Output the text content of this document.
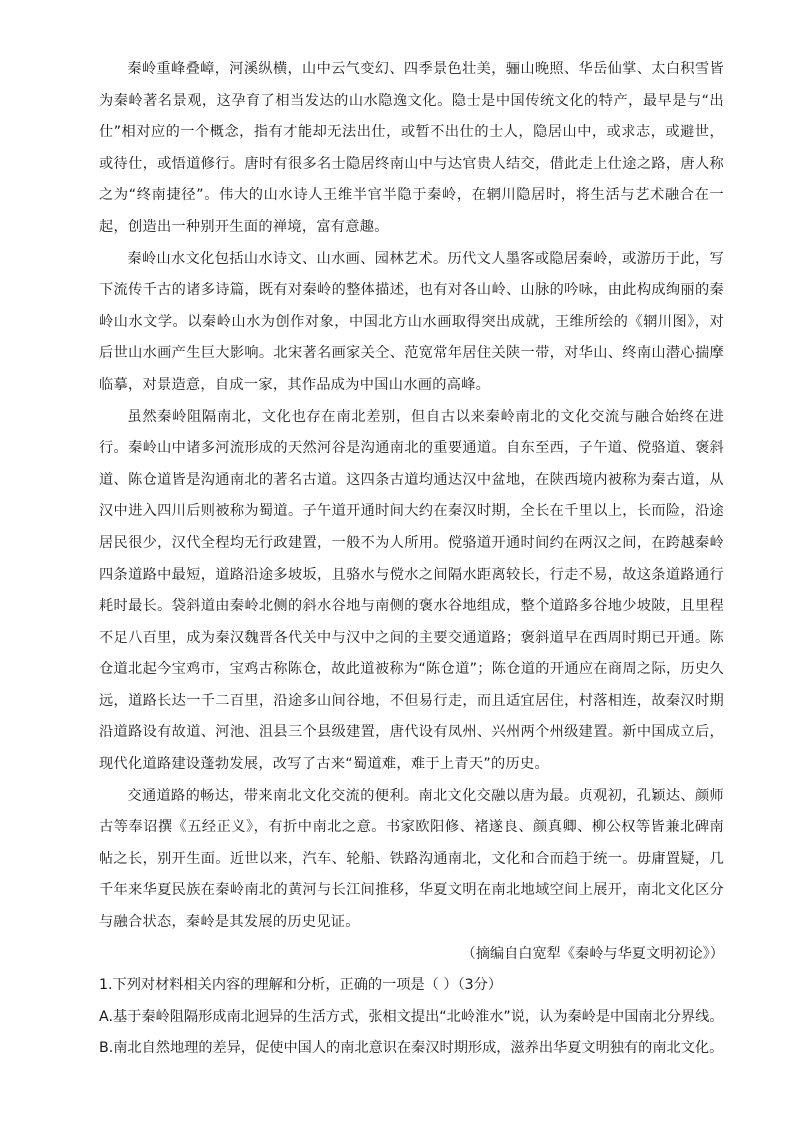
秦岭重峰叠嶂，河溪纵横，山中云气变幻、四季景色壮美，骊山晚照、华岳仙掌、太白积雪皆为秦岭著名景观，这孕育了相当发达的山水隐逸文化。隐士是中国传统文化的特产，最早是与“出仕”相对应的一个概念，指有才能却无法出仕，或暂不出仕的士人，隐居山中，或求志，或避世，或待仕，或悟道修行。唐时有很多名士隐居终南山中与达官贵人结交，借此走上仕途之路，唐人称之为“终南捷径”。伟大的山水诗人王维半官半隐于秦岭，在辋川隐居时，将生活与艺术融合在一起，创造出一种别开生面的禅境，富有意趣。

秦岭山水文化包括山水诗文、山水画、园林艺术。历代文人墨客或隐居秦岭，或游历于此，写下流传千古的诸多诗篇，既有对秦岭的整体描述，也有对各山岭、山脉的吟咏，由此构成绚丽的秦岭山水文学。以秦岭山水为创作对象，中国北方山水画取得突出成就，王维所绘的《辋川图》，对后世山水画产生巨大影响。北宋著名画家关仝、范宽常年居住关陕一带，对华山、终南山潜心揣摩临摹，对景造意，自成一家，其作品成为中国山水画的高峰。

虽然秦岭阻隔南北，文化也存在南北差别，但自古以来秦岭南北的文化交流与融合始终在进行。秦岭山中诸多河流形成的天然河谷是沟通南北的重要通道。自东至西，子午道、傥骆道、褒斜道、陈仓道皆是沟通南北的著名古道。这四条古道均通达汉中盆地，在陕西境内被称为秦古道，从汉中进入四川后则被称为蜀道。子午道开通时间大约在秦汉时期，全长在千里以上，长而险，沿途居民很少，汉代全程均无行政建置，一般不为人所用。傥骆道开通时间约在两汉之间，在跨越秦岭四条道路中最短，道路沿途多坡坂，且骆水与傥水之间隔水距离较长，行走不易，故这条道路通行耗时最长。袋斜道由秦岭北侧的斜水谷地与南侧的褒水谷地组成，整个道路多谷地少坡陂，且里程不足八百里，成为秦汉魏晋各代关中与汉中之间的主要交通道路；褒斜道早在西周时期已开通。陈仓道北起今宝鸡市，宝鸡古称陈仓，故此道被称为“陈仓道”；陈仓道的开通应在商周之际，历史久远，道路长达一千二百里，沿途多山间谷地，不但易行走，而且适宜居住，村落相连，故秦汉时期沿道路设有故道、河池、沮县三个县级建置，唐代设有凤州、兴州两个州级建置。新中国成立后，现代化道路建设蓬勃发展，改写了古来“蜀道难，难于上青天”的历史。

交通道路的畅达，带来南北文化交流的便利。南北文化交融以唐为最。贞观初，孔颖达、颜师古等奉诏撰《五经正义》，有折中南北之意。书家欧阳修、褚遂良、颜真卿、柳公权等皆兼北碑南帖之长，别开生面。近世以来，汽车、轮船、铁路沟通南北，文化和合而趋于统一。毋庸置疑，几千年来华夏民族在秦岭南北的黄河与长江间推移，华夏文明在南北地域空间上展开，南北文化区分与融合状态，秦岭是其发展的历史见证。

（摘编自白宽犁《秦岭与华夏文明初论》）

1.下列对材料相关内容的理解和分析，正确的一项是（ ）（3分）

A.基于秦岭阻隔形成南北迥异的生活方式，张相文提出“北岭淮水”说，认为秦岭是中国南北分界线。

B.南北自然地理的差异，促使中国人的南北意识在秦汉时期形成，滋养出华夏文明独有的南北文化。
